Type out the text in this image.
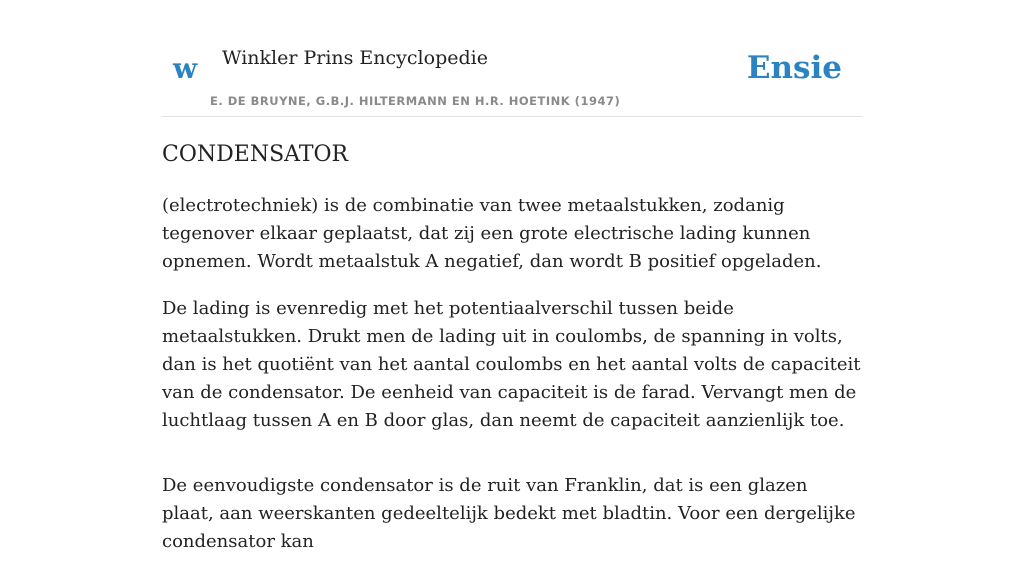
w Winkler Prins Encyclopedie
E. DE BRUYNE, G.B.J. HILTERMANN EN H.R. HOETINK (1947)
Ensie
CONDENSATOR

(electrotechniek) is de combinatie van twee metaalstukken, zodanig tegenover elkaar geplaatst, dat zij een grote electrische lading kunnen opnemen. Wordt metaalstuk A negatief, dan wordt B positief opgeladen.

De lading is evenredig met het potentiaalverschil tussen beide metaalstukken. Drukt men de lading uit in coulombs, de spanning in volts, dan is het quotiënt van het aantal coulombs en het aantal volts de capaciteit van de condensator. De eenheid van capaciteit is de farad. Vervangt men de luchtlaag tussen A en B door glas, dan neemt de capaciteit aanzienlijk toe.

De eenvoudigste condensator is de ruit van Franklin, dat is een glazen plaat, aan weerskanten gedeeltelijk bedekt met bladtin. Voor een dergelijke condensator kan
